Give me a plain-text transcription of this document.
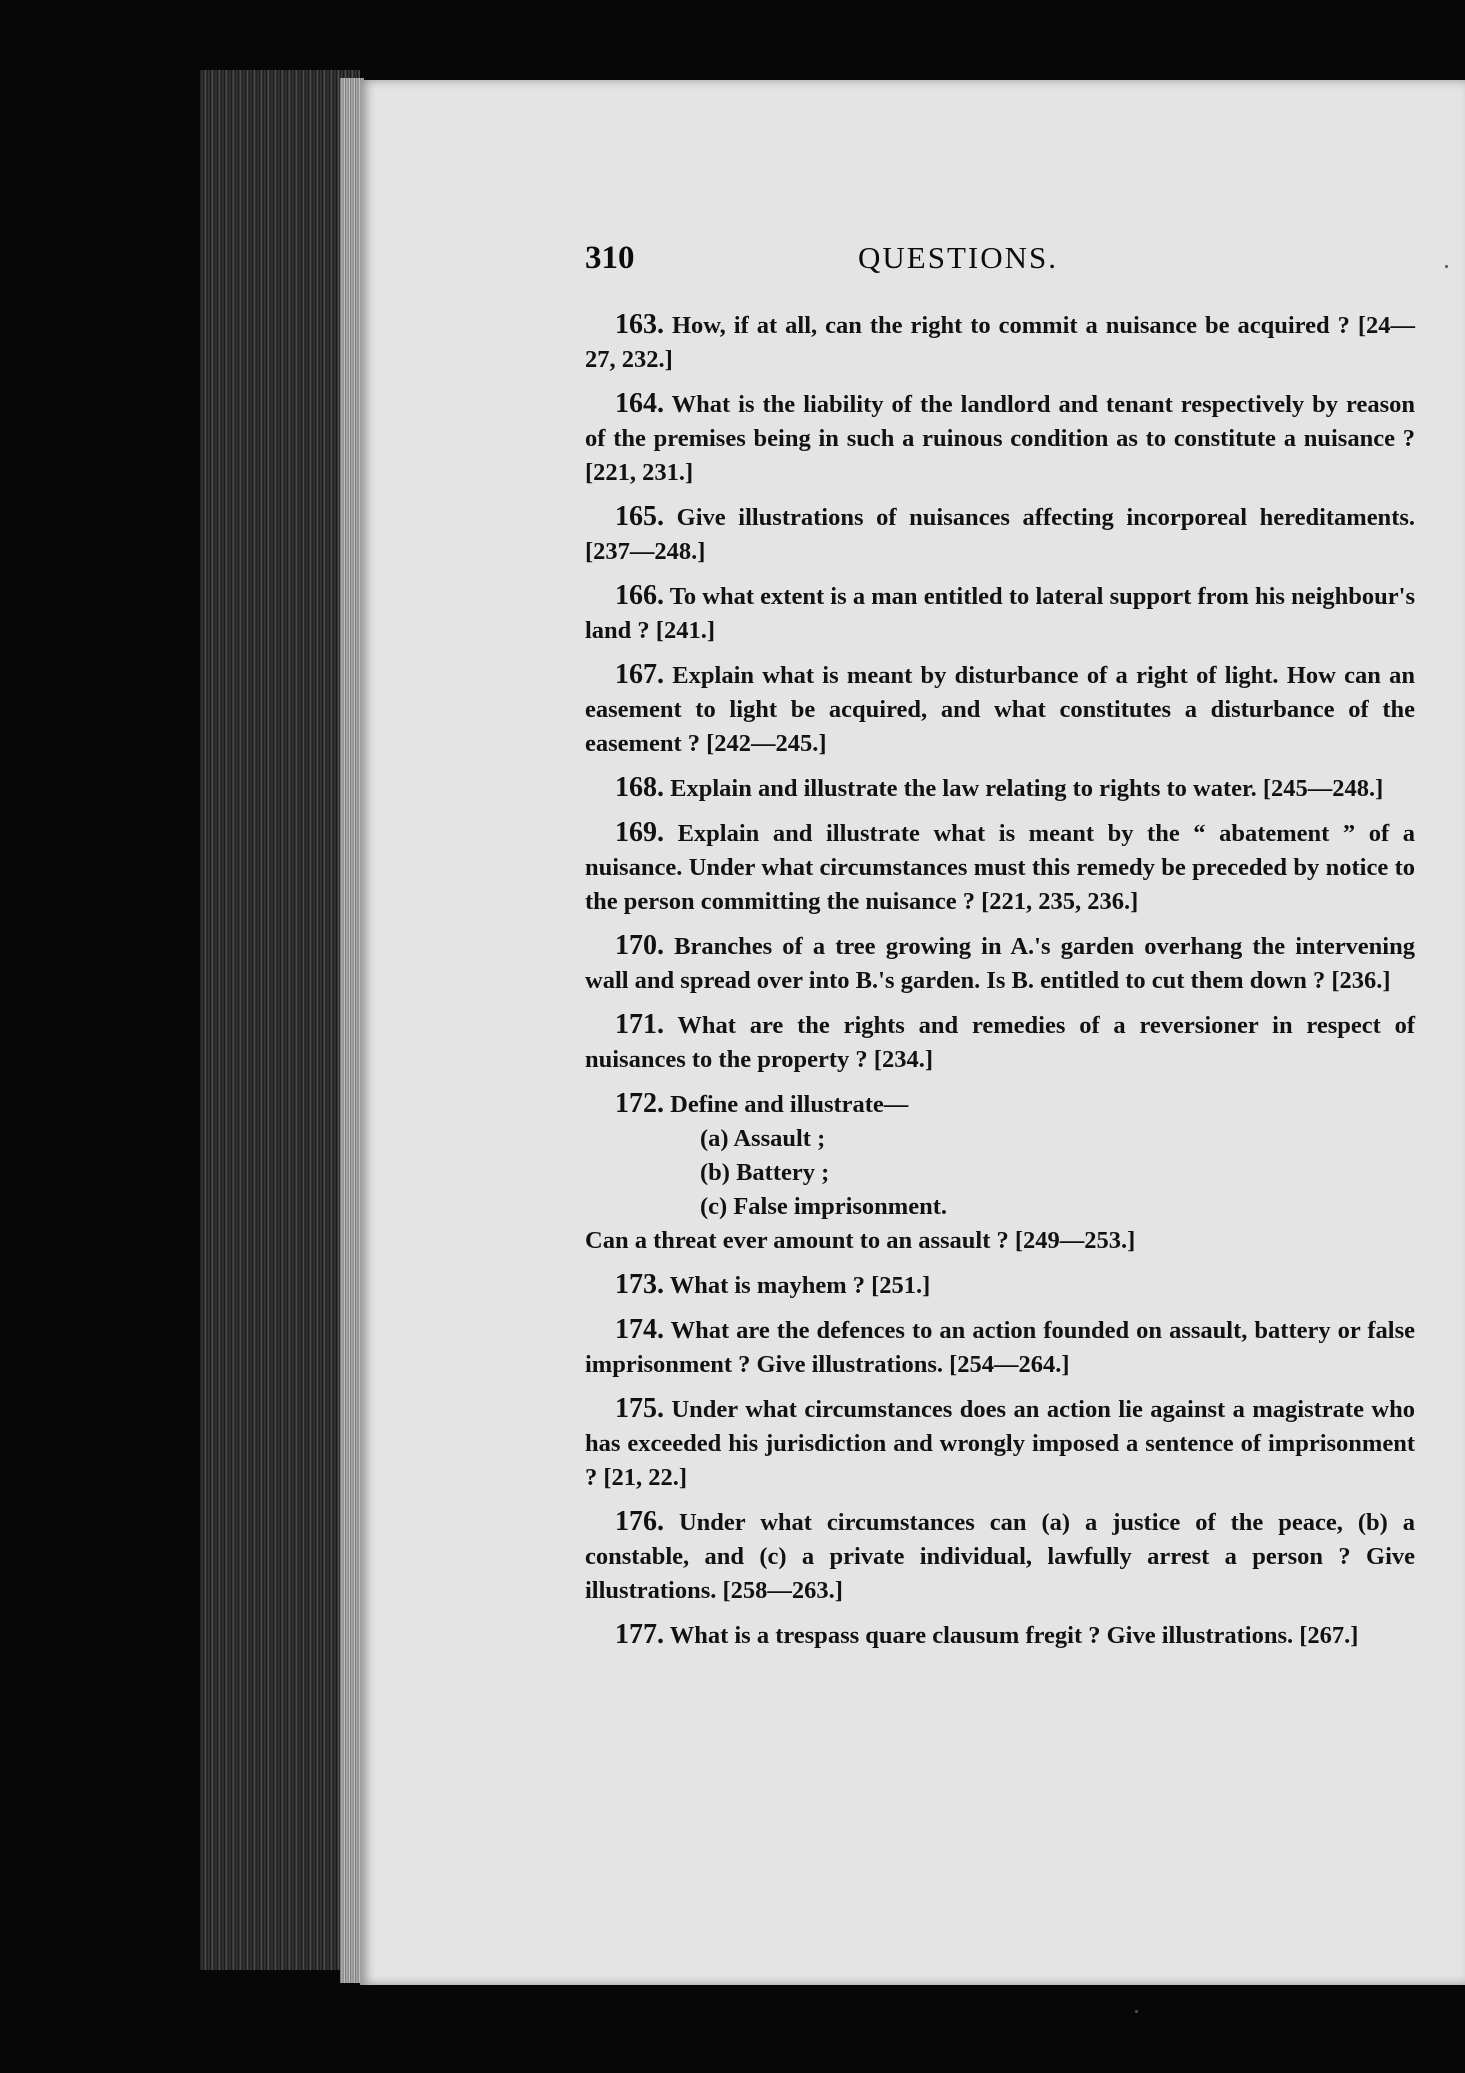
310	QUESTIONS.

163. How, if at all, can the right to commit a nuisance be acquired ? [24—27, 232.]

164. What is the liability of the landlord and tenant respectively by reason of the premises being in such a ruinous condition as to constitute a nuisance ? [221, 231.]

165. Give illustrations of nuisances affecting incorporeal hereditaments. [237—248.]

166. To what extent is a man entitled to lateral support from his neighbour's land ? [241.]

167. Explain what is meant by disturbance of a right of light. How can an easement to light be acquired, and what constitutes a disturbance of the easement ? [242—245.]

168. Explain and illustrate the law relating to rights to water. [245—248.]

169. Explain and illustrate what is meant by the “ abatement ” of a nuisance. Under what circumstances must this remedy be preceded by notice to the person committing the nuisance ? [221, 235, 236.]

170. Branches of a tree growing in A.'s garden overhang the intervening wall and spread over into B.'s garden. Is B. entitled to cut them down ? [236.]

171. What are the rights and remedies of a reversioner in respect of nuisances to the property ? [234.]

172. Define and illustrate—

(a) Assault ;
(b) Battery ;
(c) False imprisonment.

Can a threat ever amount to an assault ? [249—253.]

173. What is mayhem ? [251.]

174. What are the defences to an action founded on assault, battery or false imprisonment ? Give illustrations. [254—264.]

175. Under what circumstances does an action lie against a magistrate who has exceeded his jurisdiction and wrongly imposed a sentence of imprisonment ? [21, 22.]

176. Under what circumstances can (a) a justice of the peace, (b) a constable, and (c) a private individual, lawfully arrest a person ? Give illustrations. [258—263.]

177. What is a trespass quare clausum fregit ? Give illustrations. [267.]
